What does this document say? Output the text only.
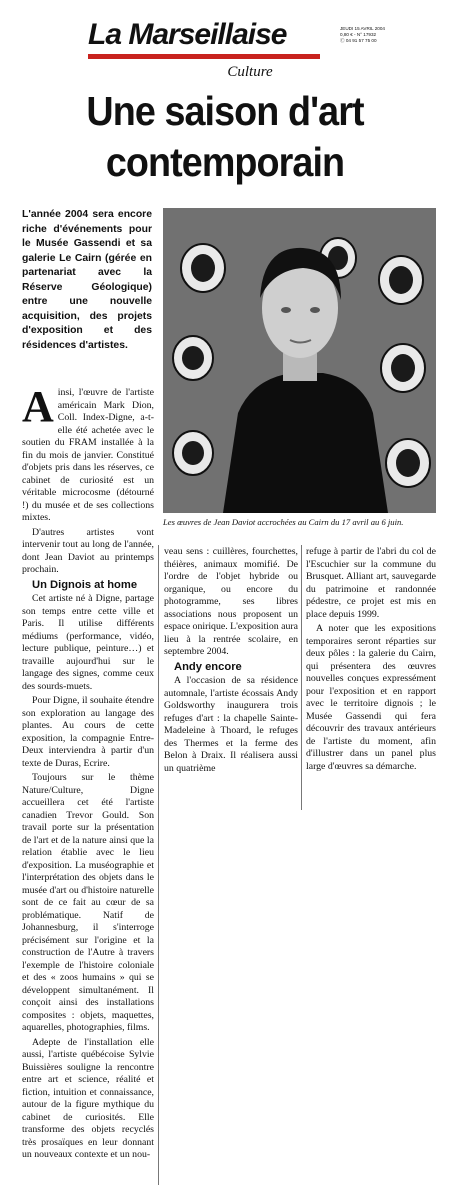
La Marseillaise	JEUDI 15 AVRIL 2004
0,80 € - N° 17932
Ⓒ 04 91 57 75 00
Culture
Une saison d'art
contemporain
L'année 2004 sera encore riche d'événements pour le Musée Gassendi et sa galerie Le Cairn (gérée en partenariat avec la Réserve Géologique) entre une nouvelle acquisition, des projets d'exposition et des résidences d'artistes.
Les œuvres de Jean Daviot accrochées au Cairn du 17 avril au 6 juin.

Ainsi, l'œuvre de l'artiste américain Mark Dion, Coll. Index-Digne, a-t-elle été achetée avec le soutien du FRAM installée à la fin du mois de janvier. Constitué d'objets pris dans les réserves, ce cabinet de curiosité est un véritable microcosme (détourné !) du musée et de ses collections mixtes.

D'autres artistes vont intervenir tout au long de l'année, dont Jean Daviot au printemps prochain.

Un Dignois at home

Cet artiste né à Digne, partage son temps entre cette ville et Paris. Il utilise différents médiums (performance, vidéo, lecture publique, peinture…) et travaille aujourd'hui sur le langage des signes, comme ceux des sourds-muets.

Pour Digne, il souhaite étendre son exploration au langage des plantes. Au cours de cette exposition, la compagnie Entre-Deux interviendra à partir d'un texte de Duras, Ecrire.

Toujours sur le thème Nature/Culture, Digne accueillera cet été l'artiste canadien Trevor Gould. Son travail porte sur la présentation de l'art et de la nature ainsi que la relation établie avec le lieu d'exposition. La muséographie et l'interprétation des objets dans le musée d'art ou d'histoire naturelle sont de ce fait au cœur de sa problématique. Natif de Johannesburg, il s'interroge précisément sur l'origine et la construction de l'Autre à travers l'exemple de l'histoire coloniale et des « zoos humains » qui se développent simultanément. Il conçoit ainsi des installations composites : objets, maquettes, aquarelles, photographies, films.

Adepte de l'installation elle aussi, l'artiste québécoise Sylvie Buissières souligne la rencontre entre art et science, réalité et fiction, intuition et connaissance, autour de la figure mythique du cabinet de curiosités. Elle transforme des objets recyclés très prosaïques en leur donnant un nouveaux contexte et un nou-

veau sens : cuillères, fourchettes, théières, animaux momifié. De l'ordre de l'objet hybride ou organique, ou encore du photogramme, ses libres associations nous proposent un espace onirique. L'exposition aura lieu à la rentrée scolaire, en septembre 2004.

Andy encore

A l'occasion de sa résidence automnale, l'artiste écossais Andy Goldsworthy inaugurera trois refuges d'art : la chapelle Sainte-Madeleine à Thoard, le refuges des Thermes et la ferme des Belon à Draix. Il réalisera aussi un quatrième

refuge à partir de l'abri du col de l'Escuchier sur la commune du Brusquet. Alliant art, sauvegarde du patrimoine et randonnée pédestre, ce projet est mis en place depuis 1999.

A noter que les expositions temporaires seront réparties sur deux pôles : la galerie du Cairn, qui présentera des œuvres nouvelles conçues expressément pour l'exposition et en rapport avec le territoire dignois ; le Musée Gassendi qui fera découvrir des travaux antérieurs de l'artiste du moment, afin d'illustrer dans un panel plus large d'œuvres sa démarche.
